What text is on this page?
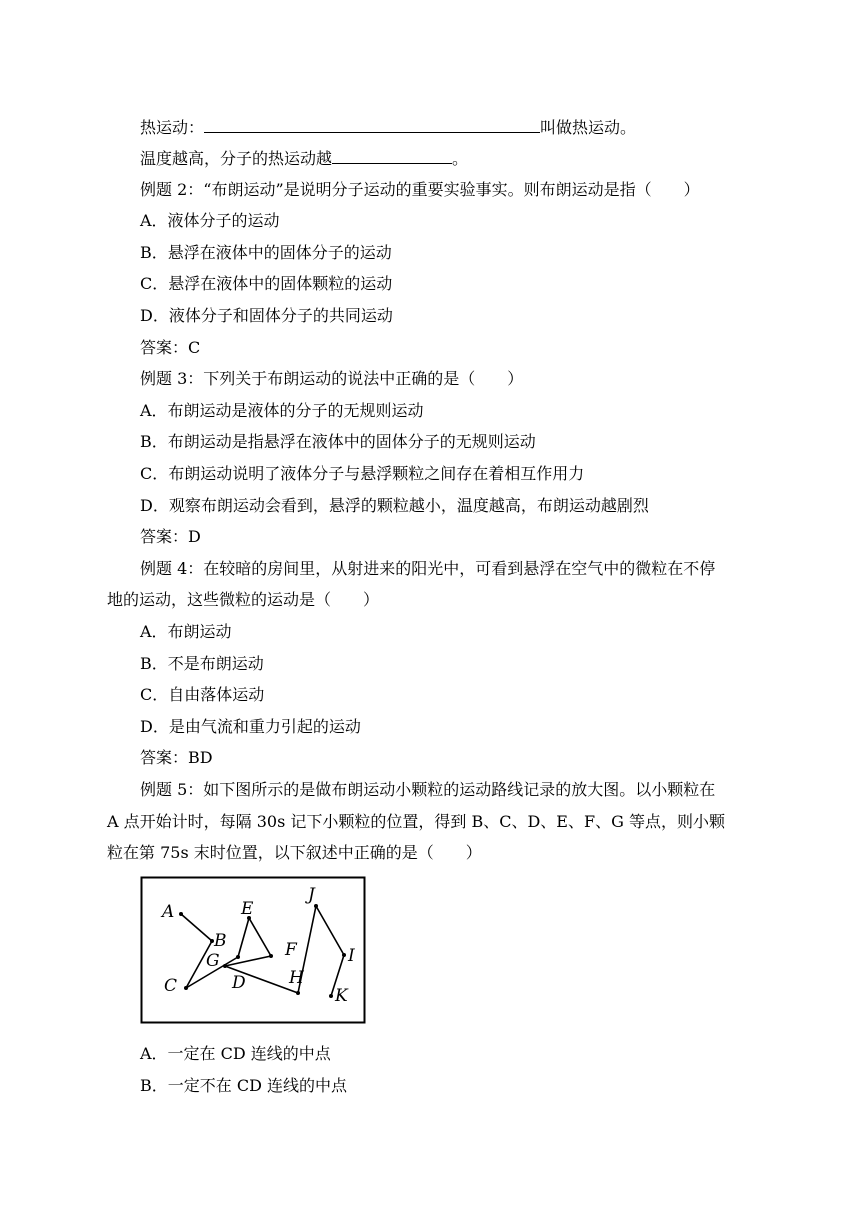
热运动：	叫做热运动。
温度越高，分子的热运动越	。
例题 2：“布朗运动”是说明分子运动的重要实验事实。则布朗运动是指（　　）
A．液体分子的运动
B．悬浮在液体中的固体分子的运动
C．悬浮在液体中的固体颗粒的运动
D．液体分子和固体分子的共同运动
答案：C
例题 3：下列关于布朗运动的说法中正确的是（　　）
A．布朗运动是液体的分子的无规则运动
B．布朗运动是指悬浮在液体中的固体分子的无规则运动
C．布朗运动说明了液体分子与悬浮颗粒之间存在着相互作用力
D．观察布朗运动会看到，悬浮的颗粒越小，温度越高，布朗运动越剧烈
答案：D
例题 4：在较暗的房间里，从射进来的阳光中，可看到悬浮在空气中的微粒在不停
地的运动，这些微粒的运动是（　　）
A．布朗运动
B．不是布朗运动
C．自由落体运动
D．是由气流和重力引起的运动
答案：BD
例题 5：如下图所示的是做布朗运动小颗粒的运动路线记录的放大图。以小颗粒在
A 点开始计时，每隔 30s 记下小颗粒的位置，得到 B、C、D、E、F、G 等点，则小颗
粒在第 75s 末时位置，以下叙述中正确的是（　　）
A
B
C	D
E
F
G
H
I
J
K
A．一定在 CD 连线的中点
B．一定不在 CD 连线的中点
